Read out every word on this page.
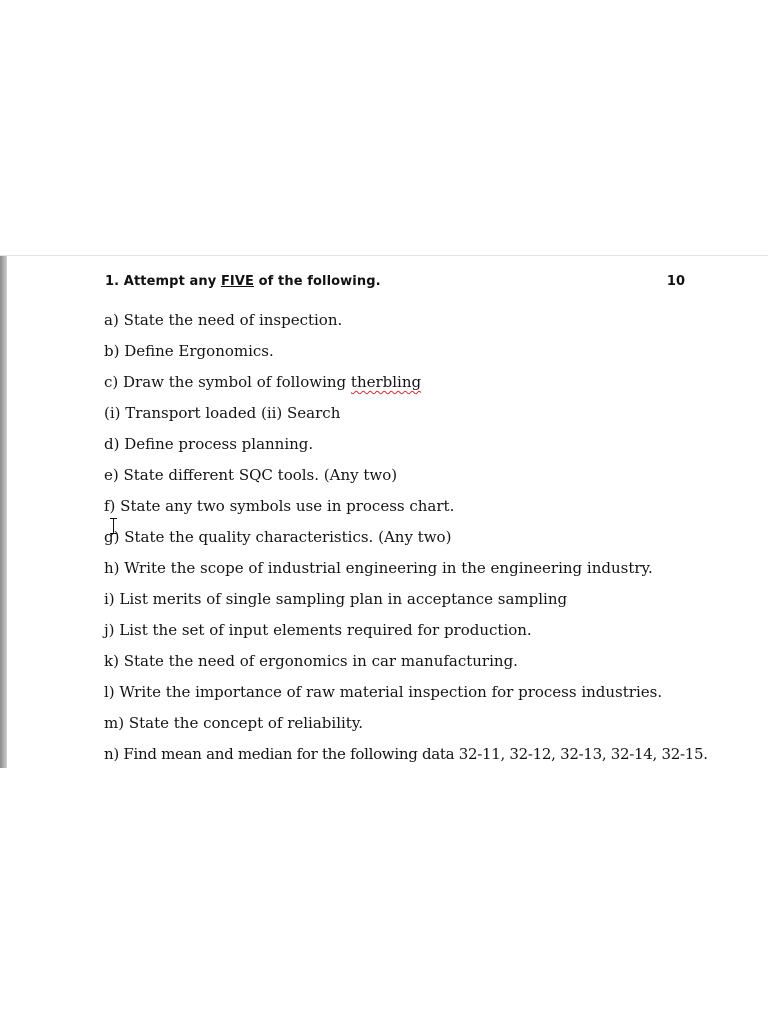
1. Attempt any FIVE of the following.	10
a) State the need of inspection.
b) Define Ergonomics.
c) Draw the symbol of following therbling
(i) Transport loaded (ii) Search
d) Define process planning.
e) State different SQC tools. (Any two)
f) State any two symbols use in process chart.
g) State the quality characteristics. (Any two)
h) Write the scope of industrial engineering in the engineering industry.
i) List merits of single sampling plan in acceptance sampling
j) List the set of input elements required for production.
k) State the need of ergonomics in car manufacturing.
l) Write the importance of raw material inspection for process industries.
m) State the concept of reliability.
n) Find mean and median for the following data 32-11, 32-12, 32-13, 32-14, 32-15.
